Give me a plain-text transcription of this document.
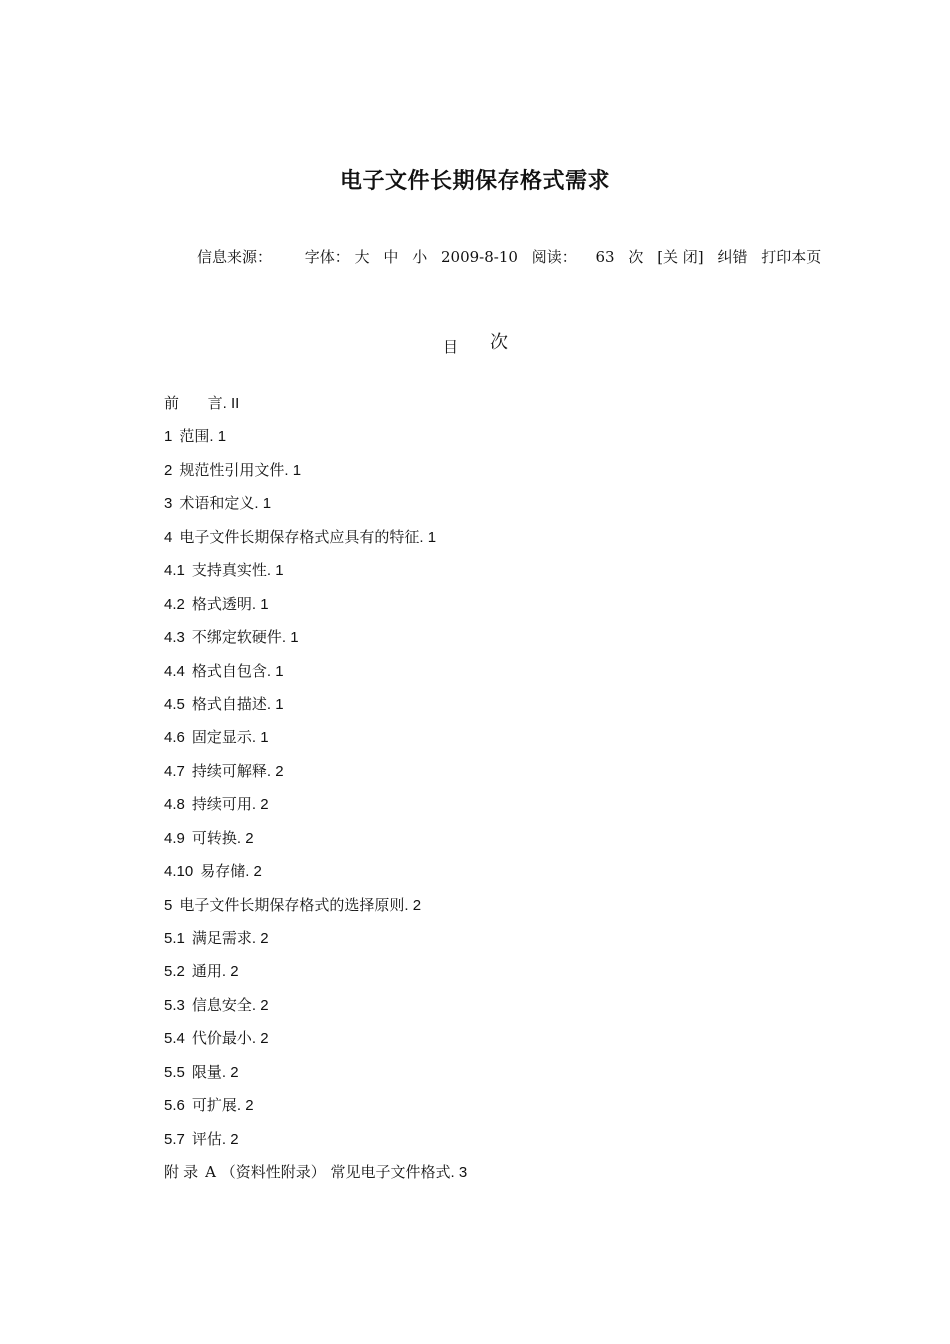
电子文件长期保存格式需求
信息来源： 字体： 大 中 小 2009-8-10 阅读： 63 次 [关 闭] 纠错 打印本页
目 次
前      言. II
1 范围. 1
2 规范性引用文件. 1
3 术语和定义. 1
4 电子文件长期保存格式应具有的特征. 1
4.1 支持真实性. 1
4.2 格式透明. 1
4.3 不绑定软硬件. 1
4.4 格式自包含. 1
4.5 格式自描述. 1
4.6 固定显示. 1
4.7 持续可解释. 2
4.8 持续可用. 2
4.9 可转换. 2
4.10 易存储. 2
5 电子文件长期保存格式的选择原则. 2
5.1 满足需求. 2
5.2 通用. 2
5.3 信息安全. 2
5.4 代价最小. 2
5.5 限量. 2
5.6 可扩展. 2
5.7 评估. 2
附 录 A （资料性附录） 常见电子文件格式. 3
